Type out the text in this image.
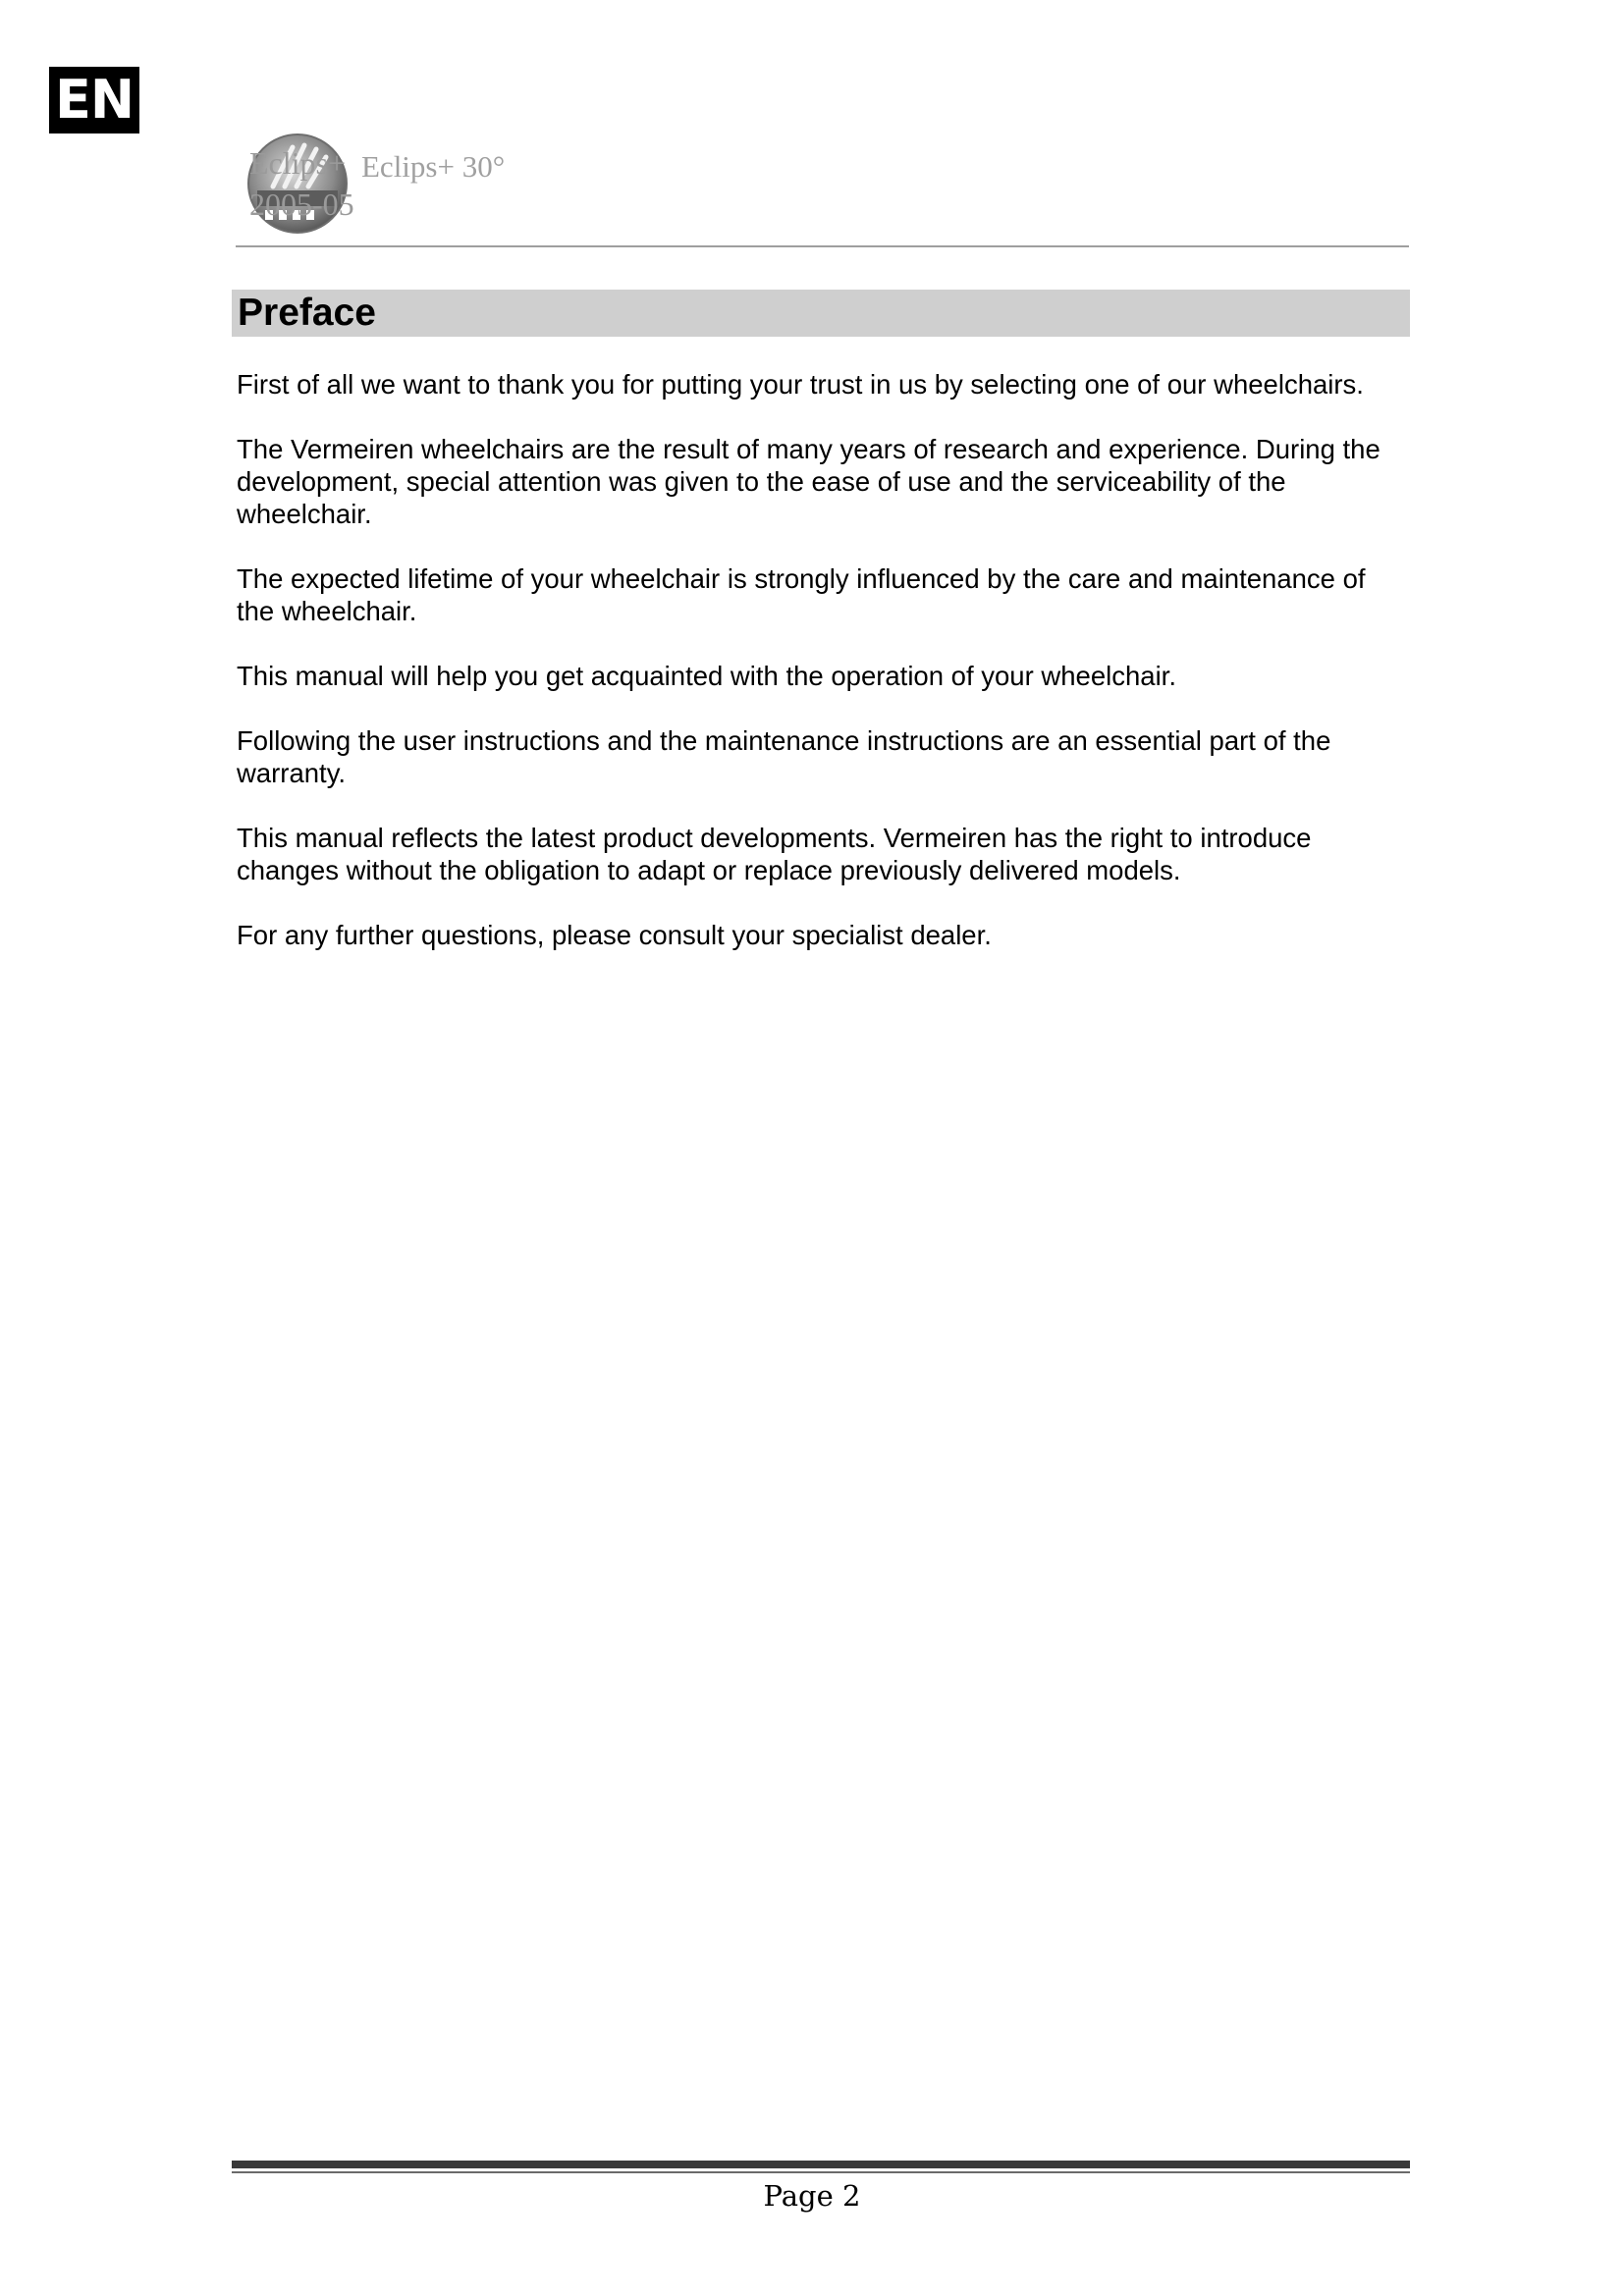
EN
Eclips+
2005-05
Eclips+ 30°
Preface

First of all we want to thank you for putting your trust in us by selecting one of our wheelchairs.

The Vermeiren wheelchairs are the result of many years of research and experience. During the development, special attention was given to the ease of use and the serviceability of the wheelchair.

The expected lifetime of your wheelchair is strongly influenced by the care and maintenance of the wheelchair.

This manual will help you get acquainted with the operation of your wheelchair.

Following the user instructions and the maintenance instructions are an essential part of the warranty.

This manual reflects the latest product developments. Vermeiren has the right to introduce changes without the obligation to adapt or replace previously delivered models.

For any further questions, please consult your specialist dealer.

Page 2
